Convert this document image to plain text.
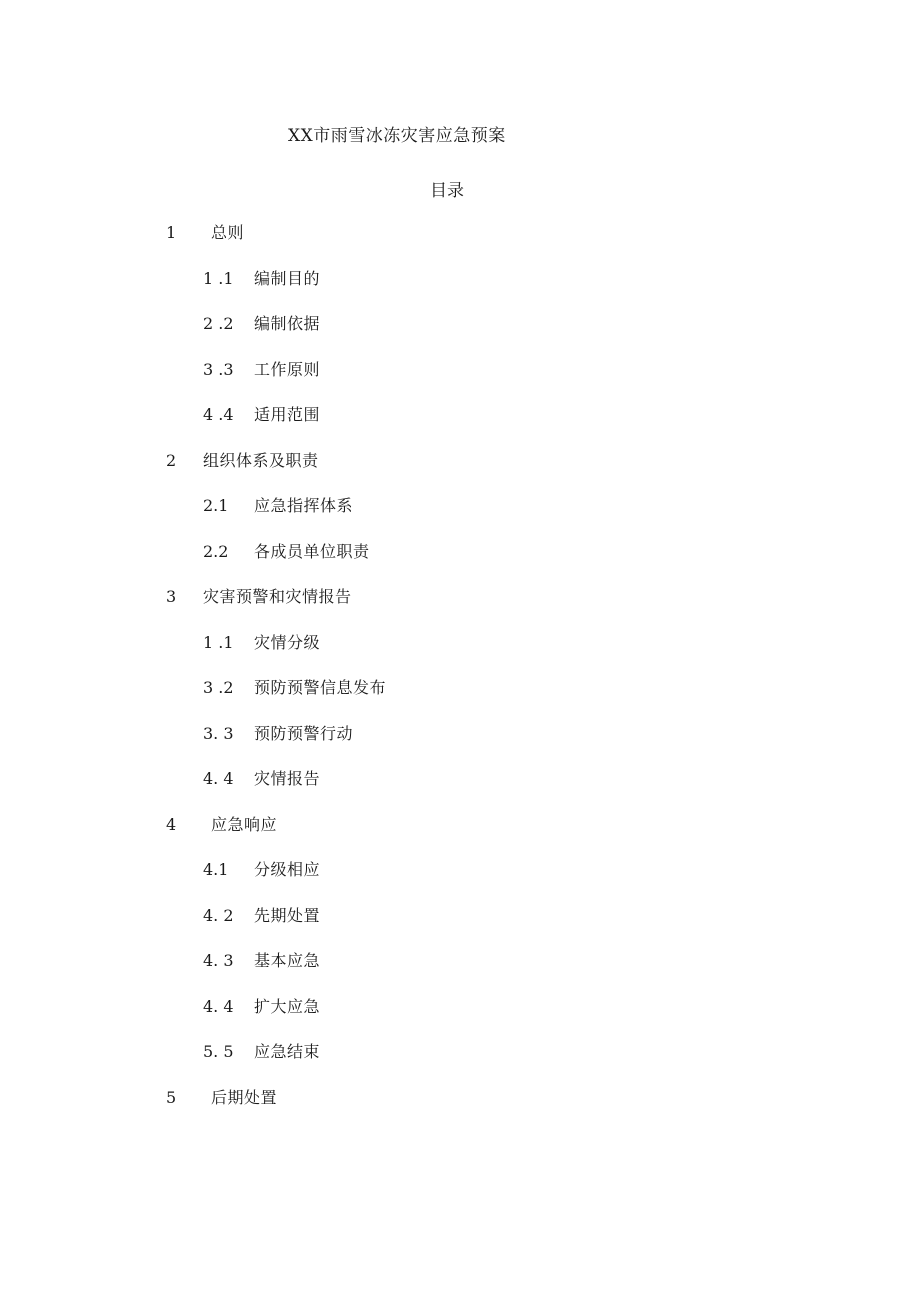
XX市雨雪冰冻灾害应急预案
目录
1 总则
1 .1 编制目的
2 .2 编制依据
3 .3 工作原则
4 .4 适用范围
2 组织体系及职责
2.1 应急指挥体系
2.2 各成员单位职责
3 灾害预警和灾情报告
1 .1 灾情分级
3 .2 预防预警信息发布
3. 3 预防预警行动
4. 4 灾情报告
4 应急响应
4.1 分级相应
4. 2 先期处置
4. 3 基本应急
4. 4 扩大应急
5. 5 应急结束
5 后期处置
